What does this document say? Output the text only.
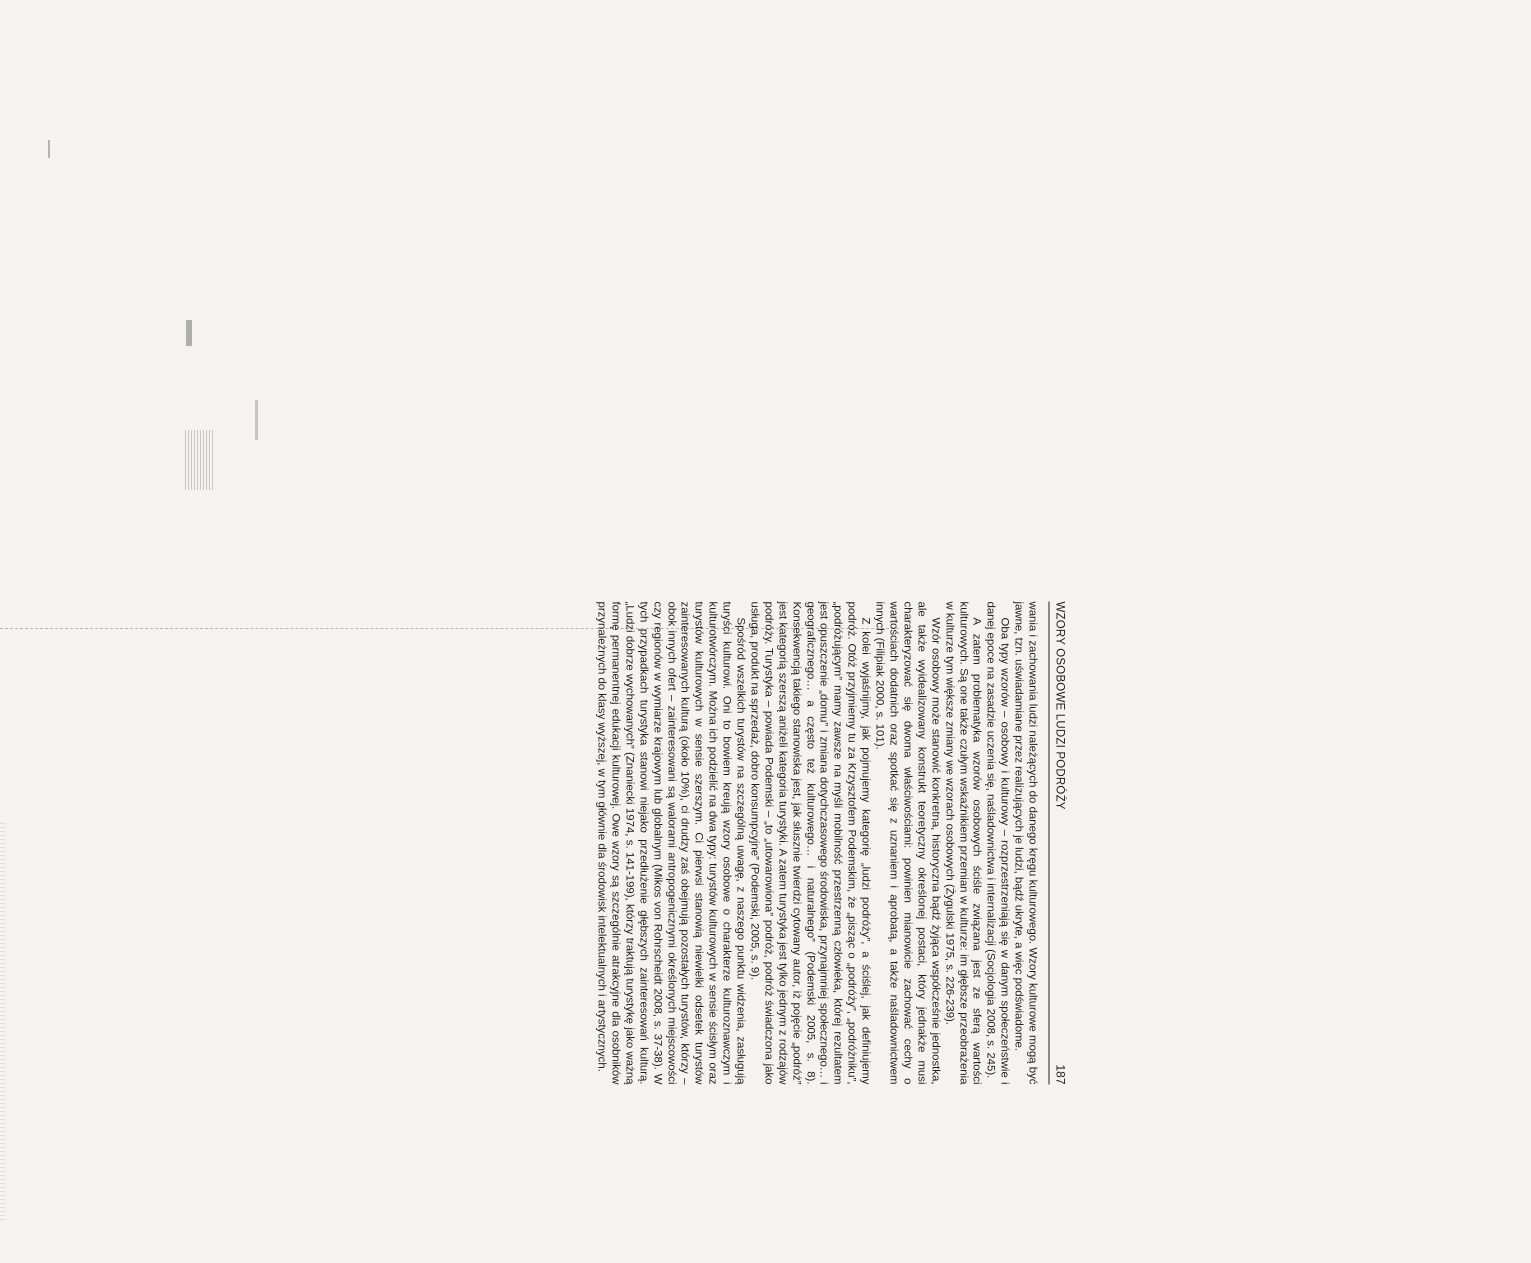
WZORY OSOBOWE LUDZI PODRÓŻY
187

wania i zachowania ludzi należących do danego kręgu kulturowego. Wzory kulturowe mogą być jawne, tzn. uświadamiane przez realizujących je ludzi, bądź ukryte, a więc podświadome.

Oba typy wzorów – osobowy i kulturowy – rozprzestrzeniają się w danym społeczeństwie i danej epoce na zasadzie uczenia się, naśladownictwa i internalizacji (Socjologia 2008, s. 245).

A zatem problematyka wzorów osobowych ściśle związana jest ze sferą wartości kulturowych. Są one także czułym wskaźnikiem przemian w kulturze: im głębsze przeobrażenia w kulturze tym większe zmiany we wzorach osobowych (Żygulski 1975, s. 226-239).

Wzór osobowy może stanowić konkretna, historyczna bądź żyjąca współcześnie jednostka, ale także wyidealizowany konstrukt teoretyczny określonej postaci, który jednakże musi charakteryzować się dwoma właściwościami: powinien mianowicie zachować cechy o wartościach dodatnich oraz spotkać się z uznaniem i aprobatą, a także naśladownictwem innych (Filipiak 2000, s. 101).

Z kolei wyjaśnijmy, jak pojmujemy kategorię „ludzi podróży”, a ściślej, jak definiujemy podróż. Otóż przyjmiemy tu za Krzysztofem Podemskim, że „pisząc o „podróży”, „podróżniku”, „podróżującym” mamy zawsze na myśli mobilność przestrzenną człowieka, której rezultatem jest opuszczenie „domu” i zmiana dotychczasowego środowiska, przynajmniej społecznego… i geograficznego… a często też kulturowego… i naturalnego” (Podemski 2005, s. 8). Konsekwencją takiego stanowiska jest, jak słusznie twierdzi cytowany autor, iż pojęcie „podróż” jest kategorią szerszą aniżeli kategoria turystyki. A zatem turystyka jest tylko jednym z rodzajów podróży. Turystyka – powiada Podemski – „to „utowarowiona” podróż, podróż świadczona jako usługa, produkt na sprzedaż, dobro konsumpcyjne” (Podemski, 2005, s. 9).

Spośród wszelkich turystów na szczególną uwagę, z naszego punktu widzenia, zasługują turyści kulturowi. Oni to bowiem kreują wzory osobowe o charakterze kulturoznawczym i kulturotwórczym. Można ich podzielić na dwa typy: turystów kulturowych w sensie ścisłym oraz turystów kulturowych w sensie szerszym. Ci pierwsi stanowią niewielki odsetek turystów zainteresowanych kulturą (około 10%), ci drudzy zaś obejmują pozostałych turystów, którzy – obok innych ofert – zainteresowani są walorami antropogenicznymi określonych miejscowości czy regionów w wymiarze krajowym lub globalnym (Mikos von Rohrscheidt 2008, s. 37-38). W tych przypadkach turystyka stanowi niejako przedłużenie głębszych zainteresowań kulturą. „Ludzi dobrze wychowanych” (Znaniecki 1974, s. 141-199), którzy traktują turystykę jako ważną formę permanentnej edukacji kulturowej. Owe wzory są szczególnie atrakcyjne dla osobników przynależnych do klasy wyższej, w tym głównie dla środowisk intelektualnych i artystycznych.
